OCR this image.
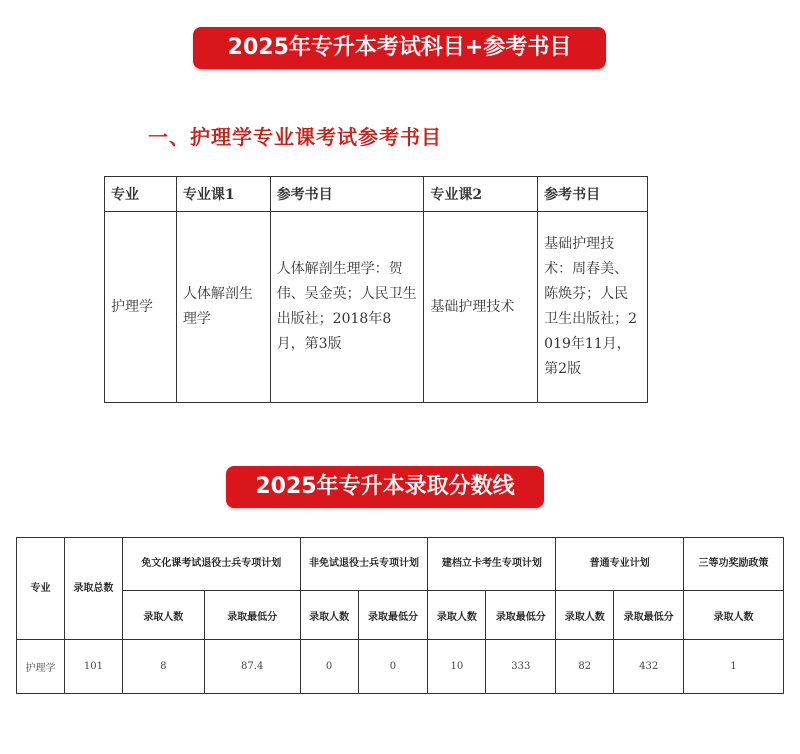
2025年专升本考试科目+参考书目
一、护理学专业课考试参考书目
专业	专业课1	参考书目	专业课2	参考书目
护理学	人体解剖生理学	人体解剖生理学：贺伟、吴金英；人民卫生出版社；2018年8月，第3版	基础护理技术	基础护理技术：周春美、陈焕芬；人民卫生出版社；2019年11月，第2版
2025年专升本录取分数线
专业	录取总数	免文化课考试退役士兵专项计划		非免试退役士兵专项计划		建档立卡考生专项计划		普通专业计划		三等功奖励政策
		录取人数	录取最低分	录取人数	录取最低分	录取人数	录取最低分	录取人数	录取最低分	录取人数
护理学	101	8	87.4	0	0	10	333	82	432	1
